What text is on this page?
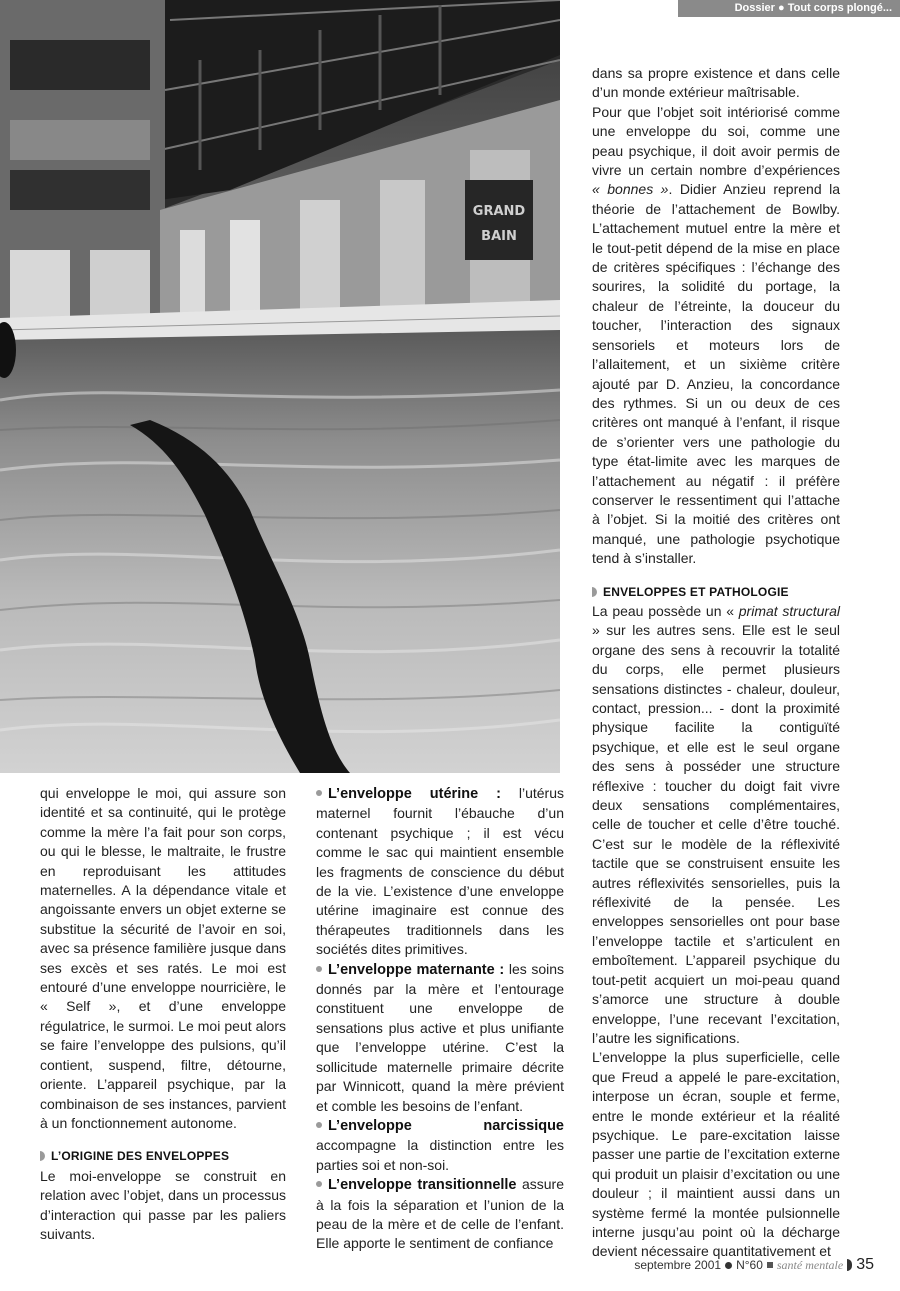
Dossier ● Tout corps plongé...
GRAND
BAIN

qui enveloppe le moi, qui assure son identité et sa continuité, qui le protège comme la mère l’a fait pour son corps, ou qui le blesse, le maltraite, le frustre en reproduisant les attitudes maternelles. A la dépendance vitale et angoissante envers un objet externe se substitue la sécurité de l’avoir en soi, avec sa présence familière jusque dans ses excès et ses ratés. Le moi est entouré d’une enveloppe nourricière, le « Self », et d’une enveloppe régulatrice, le surmoi. Le moi peut alors se faire l’enveloppe des pulsions, qu’il contient, suspend, filtre, détourne, oriente. L’appareil psychique, par la combinaison de ses instances, parvient à un fonctionnement autonome.

L’ORIGINE DES ENVELOPPES

Le moi-enveloppe se construit en relation avec l’objet, dans un processus d’interaction qui passe par les paliers suivants.

L’enveloppe utérine : l’utérus maternel fournit l’ébauche d’un contenant psychique ; il est vécu comme le sac qui maintient ensemble les fragments de conscience du début de la vie. L’existence d’une enveloppe utérine imaginaire est connue des thérapeutes traditionnels dans les sociétés dites primitives.

L’enveloppe maternante : les soins donnés par la mère et l’entourage constituent une enveloppe de sensations plus active et plus unifiante que l’enveloppe utérine. C’est la sollicitude maternelle primaire décrite par Winnicott, quand la mère prévient et comble les besoins de l’enfant.

L’enveloppe narcissique accompagne la distinction entre les parties soi et non-soi.

L’enveloppe transitionnelle assure à la fois la séparation et l’union de la peau de la mère et de celle de l’enfant. Elle apporte le sentiment de confiance

dans sa propre existence et dans celle d’un monde extérieur maîtrisable.

Pour que l’objet soit intériorisé comme une enveloppe du soi, comme une peau psychique, il doit avoir permis de vivre un certain nombre d’expériences « bonnes ». Didier Anzieu reprend la théorie de l’attachement de Bowlby. L’attachement mutuel entre la mère et le tout-petit dépend de la mise en place de critères spécifiques : l’échange des sourires, la solidité du portage, la chaleur de l’étreinte, la douceur du toucher, l’interaction des signaux sensoriels et moteurs lors de l’allaitement, et un sixième critère ajouté par D. Anzieu, la concordance des rythmes. Si un ou deux de ces critères ont manqué à l’enfant, il risque de s’orienter vers une pathologie du type état-limite avec les marques de l’attachement au négatif : il préfère conserver le ressentiment qui l’attache à l’objet. Si la moitié des critères ont manqué, une pathologie psychotique tend à s’installer.

ENVELOPPES ET PATHOLOGIE

La peau possède un « primat structural » sur les autres sens. Elle est le seul organe des sens à recouvrir la totalité du corps, elle permet plusieurs sensations distinctes - chaleur, douleur, contact, pression... - dont la proximité physique facilite la contiguïté psychique, et elle est le seul organe des sens à posséder une structure réflexive : toucher du doigt fait vivre deux sensations complémentaires, celle de toucher et celle d’être touché. C’est sur le modèle de la réflexivité tactile que se construisent ensuite les autres réflexivités sensorielles, puis la réflexivité de la pensée. Les enveloppes sensorielles ont pour base l’enveloppe tactile et s’articulent en emboîtement. L’appareil psychique du tout-petit acquiert un moi-peau quand s’amorce une structure à double enveloppe, l’une recevant l’excitation, l’autre les significations.

L’enveloppe la plus superficielle, celle que Freud a appelé le pare-excitation, interpose un écran, souple et ferme, entre le monde extérieur et la réalité psychique. Le pare-excitation laisse passer une partie de l’excitation externe qui produit un plaisir d’excitation ou une douleur ; il maintient aussi dans un système fermé la montée pulsionnelle interne jusqu’au point où la décharge devient nécessaire quantitativement et

septembre 2001 N°60 santé mentale 35
